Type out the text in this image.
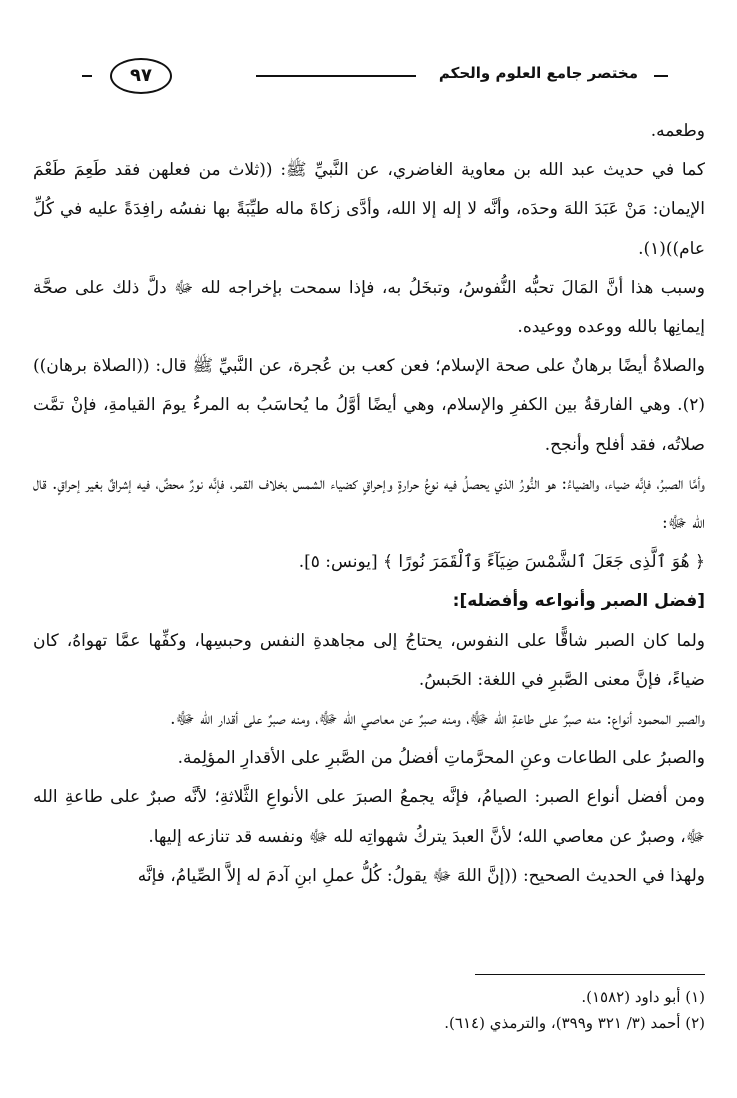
مختصر جامع العلوم والحكم
٩٧

وطعمه.

كما في حديث عبد الله بن معاوية الغاضري، عن النَّبيِّ ﷺ: ((ثلاث من فعلهن فقد طَعِمَ طَعْمَ الإيمان: مَنْ عَبَدَ اللهَ وحدَه، وأنَّه لا إله إلا الله، وأدَّى زكاةَ ماله طيِّبَةً بها نفسُه رافِدَةً عليه في كُلِّ عام))(١).

وسبب هذا أنَّ المَالَ تحبُّه النُّفوسُ، وتبخَلُ به، فإذا سمحت بإخراجه لله ﷻ دلَّ ذلك على صحَّة إيمانِها بالله ووعده ووعيده.

والصلاةُ أيضًا برهانٌ على صحة الإسلام؛ فعن كعب بن عُجرة، عن النَّبيِّ ﷺ قال: ((الصلاة برهان))(٢). وهي الفارقةُ بين الكفرِ والإسلام، وهي أيضًا أوَّلُ ما يُحاسَبُ به المرءُ يومَ القيامةِ، فإنْ تمَّت صلاتُه، فقد أفلح وأنجح.

وأمَّا الصبرُ، فإنَّه ضياء، والضياءُ: هو النُّورُ الذي يحصلُ فيه نوعُ حرارةٍ وإحراقٍ كضياء الشمس بخلاف القمر، فإنَّه نورٌ محضٌ، فيه إشراقٌ بغير إحراقٍ. قال الله ﷻ:

﴿ هُوَ ٱلَّذِى جَعَلَ ٱلشَّمْسَ ضِيَآءً وَٱلْقَمَرَ نُورًا ﴾ [يونس: ٥].

[فضل الصبر وأنواعه وأفضله]:

ولما كان الصبر شاقًّا على النفوس، يحتاجُ إلى مجاهدةِ النفس وحبسِها، وكفِّها عمَّا تهواهُ، كان ضياءً، فإنَّ معنى الصَّبرِ في اللغة: الحَبسُ.

والصبر المحمود أنواع: منه صبرٌ على طاعةِ الله ﷻ، ومنه صبرٌ عن معاصي الله ﷻ، ومنه صبرٌ على أقدار الله ﷻ.

والصبرُ على الطاعات وعنِ المحرَّماتِ أفضلُ من الصَّبرِ على الأقدارِ المؤلِمة.

ومن أفضل أنواع الصبر: الصيامُ، فإنَّه يجمعُ الصبرَ على الأنواعِ الثَّلاثةِ؛ لأنَّه صبرٌ على طاعةِ الله ﷻ، وصبرٌ عن معاصي الله؛ لأنَّ العبدَ يتركُ شهواتِه لله ﷻ ونفسه قد تنازعه إليها.

ولهذا في الحديث الصحيح: ((إنَّ اللهَ ﷻ يقولُ: كُلُّ عملِ ابنِ آدمَ له إلاَّ الصِّيامُ، فإنَّه

(١) أبو داود (١٥٨٢).
(٢) أحمد (٣/ ٣٢١ و٣٩٩)، والترمذي (٦١٤).
